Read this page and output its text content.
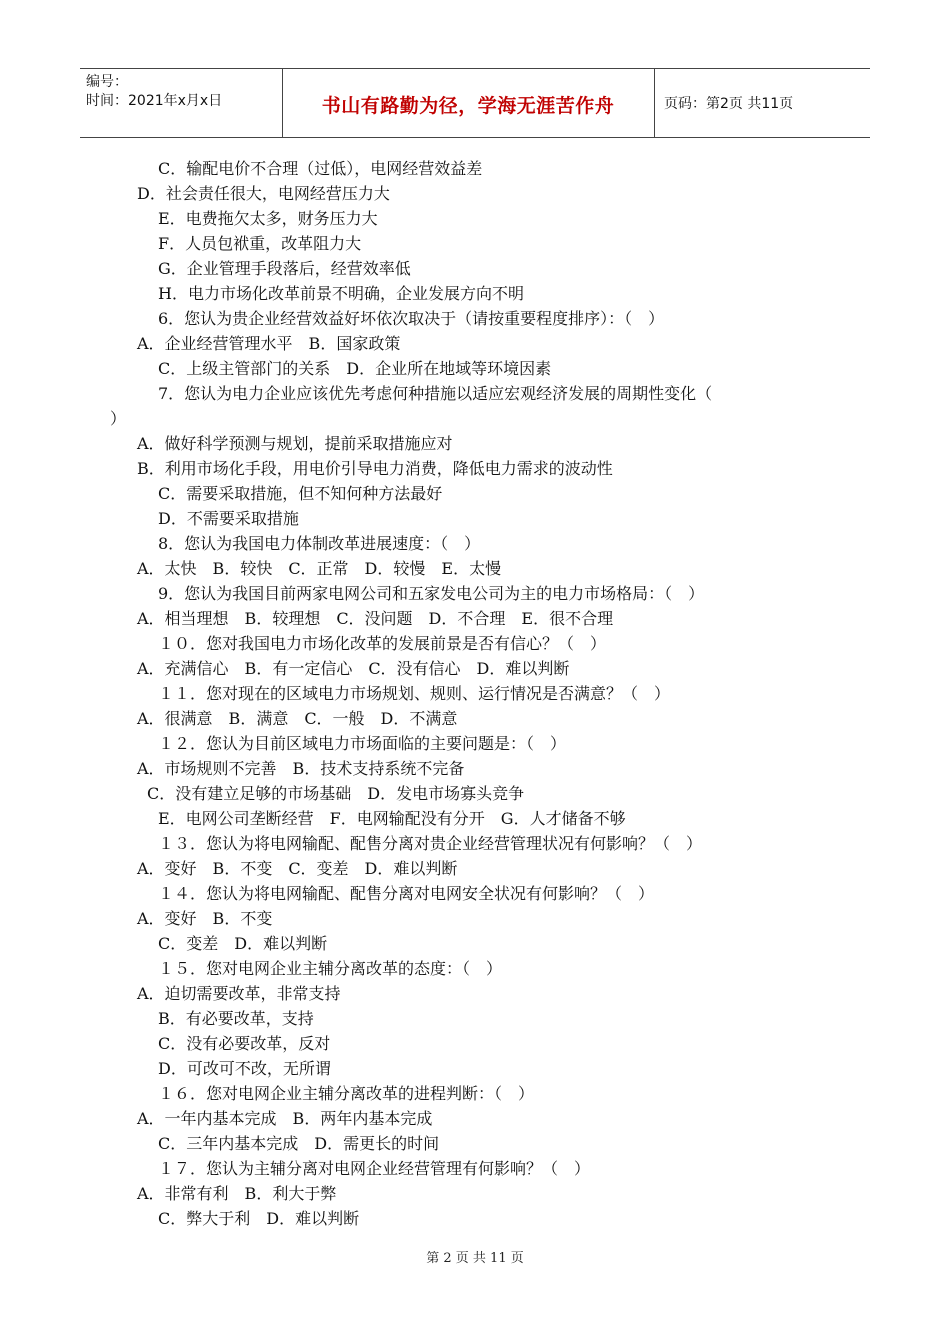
编号：
时间：2021年x月x日	书山有路勤为径，学海无涯苦作舟	页码：第2页 共11页
C．输配电价不合理（过低），电网经营效益差
D．社会责任很大，电网经营压力大
E．电费拖欠太多，财务压力大
F．人员包袱重，改革阻力大
G．企业管理手段落后，经营效率低
H．电力市场化改革前景不明确，企业发展方向不明
6．您认为贵企业经营效益好坏依次取决于（请按重要程度排序）：（　）
A．企业经营管理水平　B．国家政策
C．上级主管部门的关系　D．企业所在地域等环境因素
7．您认为电力企业应该优先考虑何种措施以适应宏观经济发展的周期性变化（
）
A．做好科学预测与规划，提前采取措施应对
B．利用市场化手段，用电价引导电力消费，降低电力需求的波动性
C．需要采取措施，但不知何种方法最好
D．不需要采取措施
8．您认为我国电力体制改革进展速度：（　）
A．太快　B．较快　C．正常　D．较慢　E．太慢
9．您认为我国目前两家电网公司和五家发电公司为主的电力市场格局：（　）
A．相当理想　B．较理想　C．没问题　D．不合理　E．很不合理
１０．您对我国电力市场化改革的发展前景是否有信心？（　）
A．充满信心　B．有一定信心　C．没有信心　D．难以判断
１１．您对现在的区域电力市场规划、规则、运行情况是否满意？（　）
A．很满意　B．满意　C．一般　D．不满意
１２．您认为目前区域电力市场面临的主要问题是：（　）
A．市场规则不完善　B．技术支持系统不完备
C．没有建立足够的市场基础　D．发电市场寡头竞争
E．电网公司垄断经营　F．电网输配没有分开　G．人才储备不够
１３．您认为将电网输配、配售分离对贵企业经营管理状况有何影响？（　）
A．变好　B．不变　C．变差　D．难以判断
１４．您认为将电网输配、配售分离对电网安全状况有何影响？（　）
A．变好　B．不变
C．变差　D．难以判断
１５．您对电网企业主辅分离改革的态度：（　）
A．迫切需要改革，非常支持
B．有必要改革，支持
C．没有必要改革，反对
D．可改可不改，无所谓
１６．您对电网企业主辅分离改革的进程判断：（　）
A．一年内基本完成　B．两年内基本完成
C．三年内基本完成　D．需更长的时间
１７．您认为主辅分离对电网企业经营管理有何影响？（　）
A．非常有利　B．利大于弊
C．弊大于利　D．难以判断
第 2 页 共 11 页
